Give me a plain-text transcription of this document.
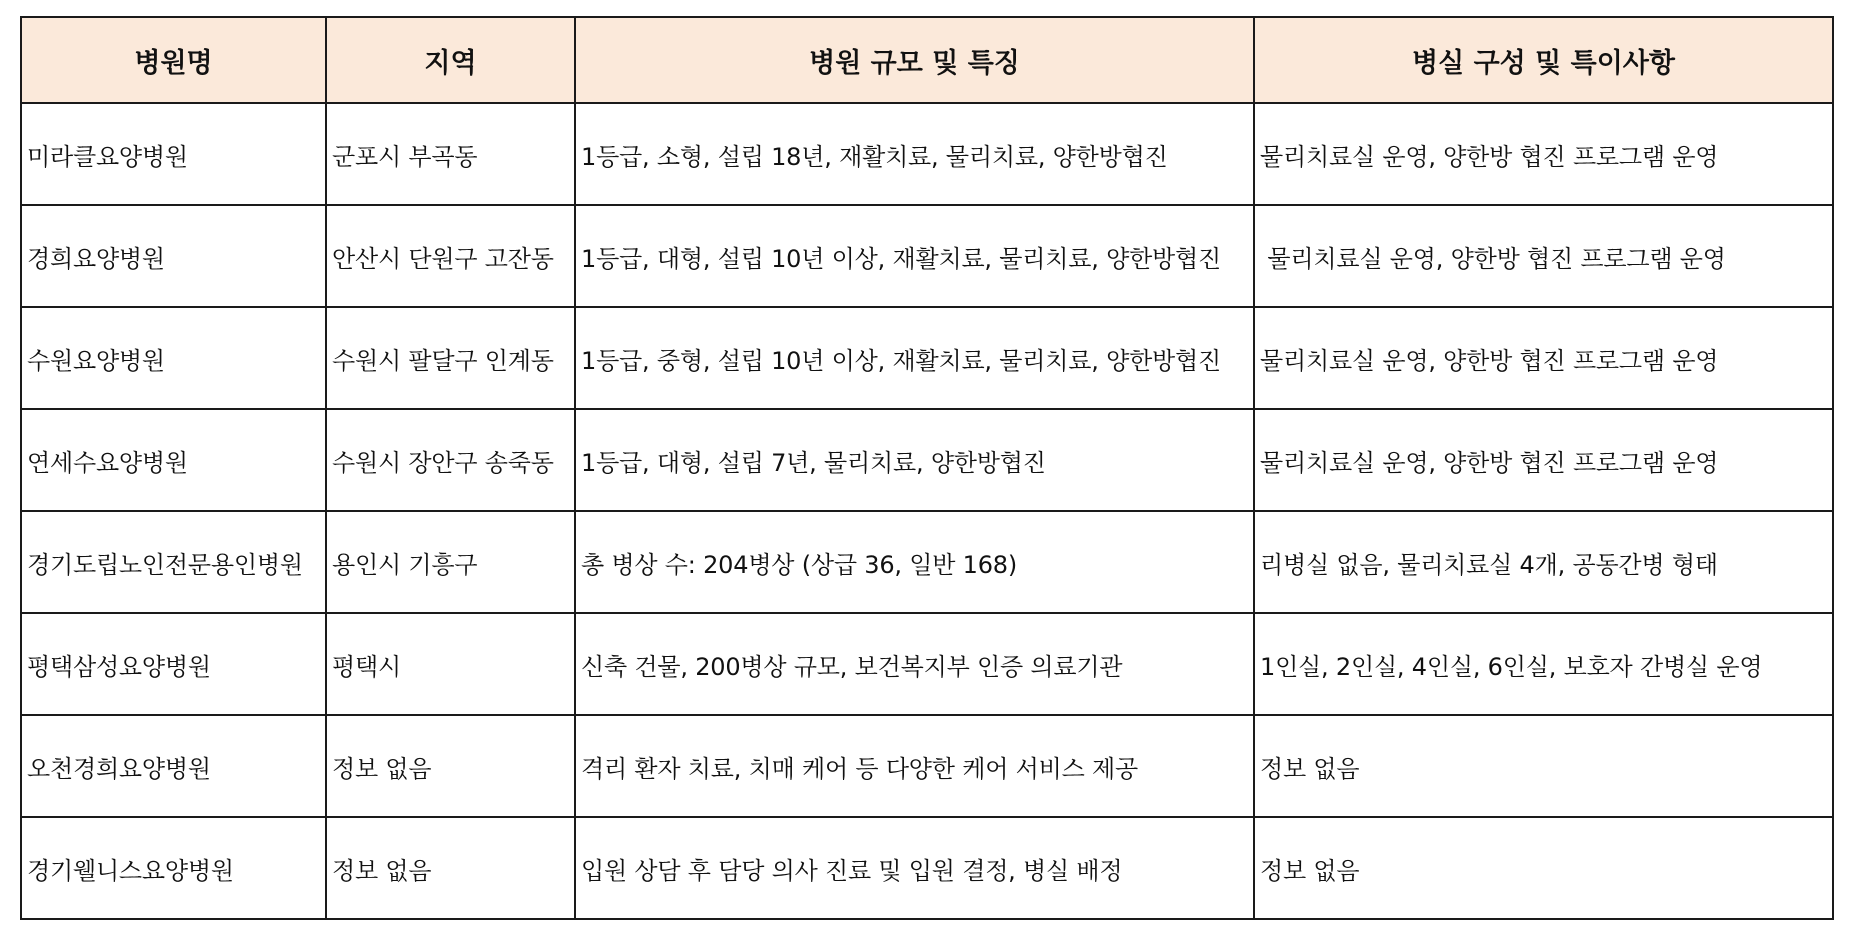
병원명	지역	병원 규모 및 특징	병실 구성 및 특이사항
미라클요양병원	군포시 부곡동	1등급, 소형, 설립 18년, 재활치료, 물리치료, 양한방협진	물리치료실 운영, 양한방 협진 프로그램 운영
경희요양병원	안산시 단원구 고잔동	1등급, 대형, 설립 10년 이상, 재활치료, 물리치료, 양한방협진	물리치료실 운영, 양한방 협진 프로그램 운영
수원요양병원	수원시 팔달구 인계동	1등급, 중형, 설립 10년 이상, 재활치료, 물리치료, 양한방협진	물리치료실 운영, 양한방 협진 프로그램 운영
연세수요양병원	수원시 장안구 송죽동	1등급, 대형, 설립 7년, 물리치료, 양한방협진	물리치료실 운영, 양한방 협진 프로그램 운영
경기도립노인전문용인병원	용인시 기흥구	총 병상 수: 204병상 (상급 36, 일반 168)	리병실 없음, 물리치료실 4개, 공동간병 형태
평택삼성요양병원	평택시	신축 건물, 200병상 규모, 보건복지부 인증 의료기관	1인실, 2인실, 4인실, 6인실, 보호자 간병실 운영
오천경희요양병원	정보 없음	격리 환자 치료, 치매 케어 등 다양한 케어 서비스 제공	정보 없음
경기웰니스요양병원	정보 없음	입원 상담 후 담당 의사 진료 및 입원 결정, 병실 배정	정보 없음
